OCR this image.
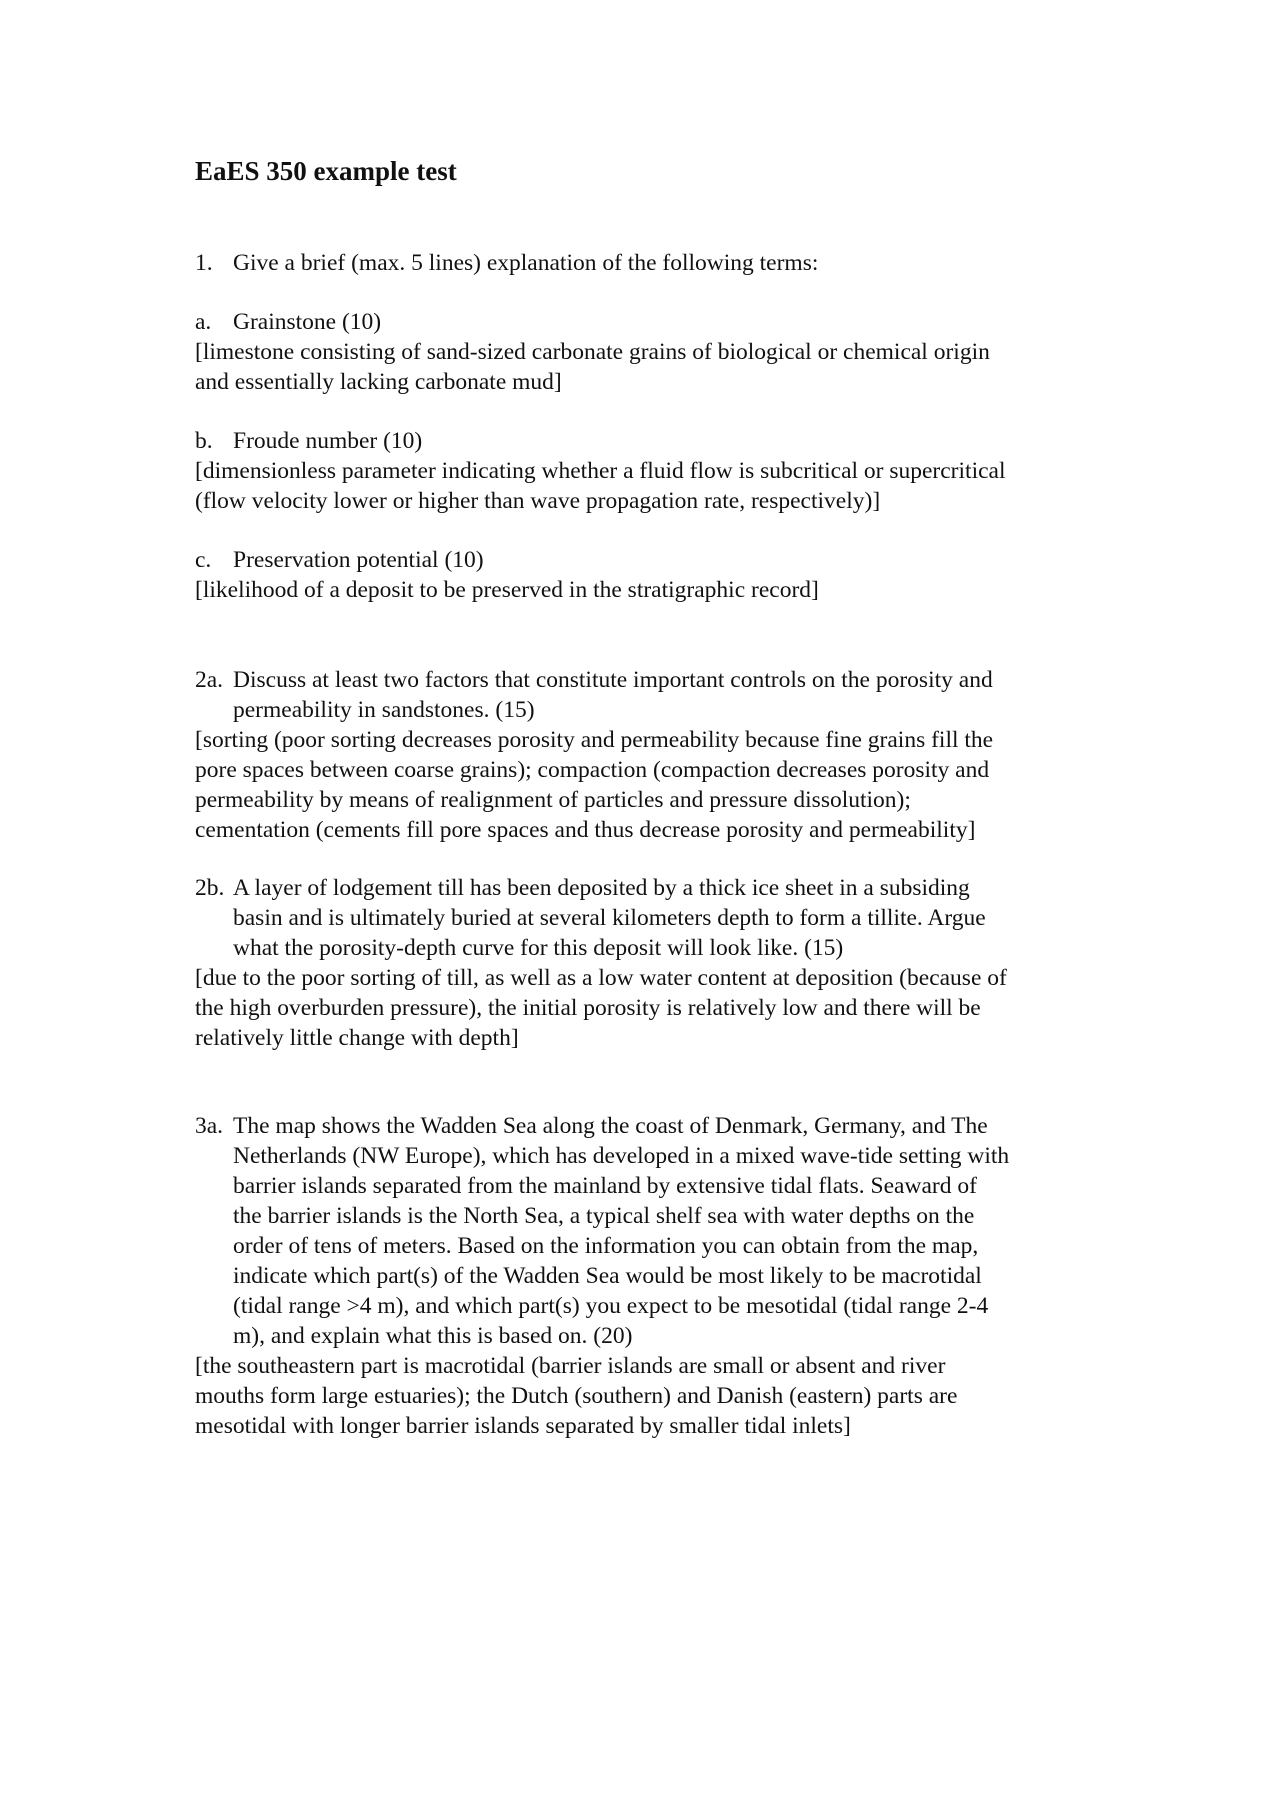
EaES 350 example test
1. Give a brief (max. 5 lines) explanation of the following terms:
a. Grainstone (10)
[limestone consisting of sand-sized carbonate grains of biological or chemical origin
and essentially lacking carbonate mud]
b. Froude number (10)
[dimensionless parameter indicating whether a fluid flow is subcritical or supercritical
(flow velocity lower or higher than wave propagation rate, respectively)]
c. Preservation potential (10)
[likelihood of a deposit to be preserved in the stratigraphic record]
2a. Discuss at least two factors that constitute important controls on the porosity and
permeability in sandstones. (15)
[sorting (poor sorting decreases porosity and permeability because fine grains fill the
pore spaces between coarse grains); compaction (compaction decreases porosity and
permeability by means of realignment of particles and pressure dissolution);
cementation (cements fill pore spaces and thus decrease porosity and permeability]
2b. A layer of lodgement till has been deposited by a thick ice sheet in a subsiding
basin and is ultimately buried at several kilometers depth to form a tillite. Argue
what the porosity-depth curve for this deposit will look like. (15)
[due to the poor sorting of till, as well as a low water content at deposition (because of
the high overburden pressure), the initial porosity is relatively low and there will be
relatively little change with depth]
3a. The map shows the Wadden Sea along the coast of Denmark, Germany, and The
Netherlands (NW Europe), which has developed in a mixed wave-tide setting with
barrier islands separated from the mainland by extensive tidal flats. Seaward of
the barrier islands is the North Sea, a typical shelf sea with water depths on the
order of tens of meters. Based on the information you can obtain from the map,
indicate which part(s) of the Wadden Sea would be most likely to be macrotidal
(tidal range >4 m), and which part(s) you expect to be mesotidal (tidal range 2-4
m), and explain what this is based on. (20)
[the southeastern part is macrotidal (barrier islands are small or absent and river
mouths form large estuaries); the Dutch (southern) and Danish (eastern) parts are
mesotidal with longer barrier islands separated by smaller tidal inlets]
